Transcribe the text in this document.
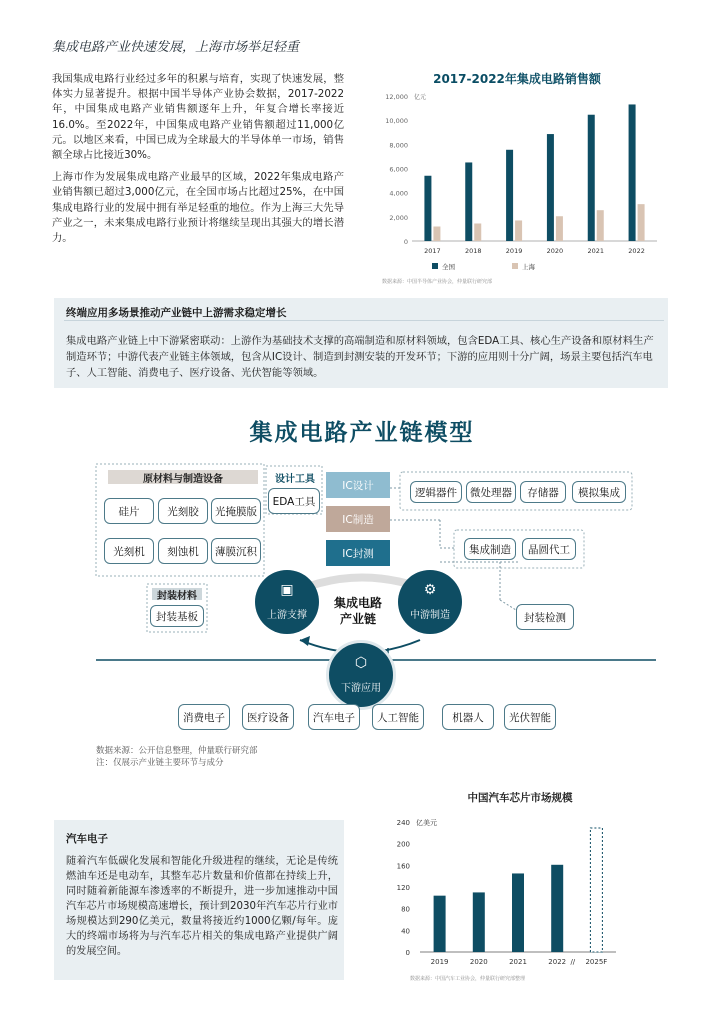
集成电路产业快速发展，上海市场举足轻重

我国集成电路行业经过多年的积累与培育，实现了快速发展，整体实力显著提升。根据中国半导体产业协会数据，2017-2022年，中国集成电路产业销售额逐年上升，年复合增长率接近16.0%。至2022年，中国集成电路产业销售额超过11,000亿元。以地区来看，中国已成为全球最大的半导体单一市场，销售额全球占比接近30%。

上海市作为发展集成电路产业最早的区域，2022年集成电路产业销售额已超过3,000亿元，在全国市场占比超过25%，在中国集成电路行业的发展中拥有举足轻重的地位。作为上海三大先导产业之一，未来集成电路行业预计将继续呈现出其强大的增长潜力。

2017-2022年集成电路销售额
0
2,000
4,000
6,000
8,000
10,000
12,000 亿元
2017	2018	2019	2020	2021	2022
全国	上海
数据来源：中国半导体产业协会，仲量联行研究部
终端应用多场景推动产业链中上游需求稳定增长
集成电路产业链上中下游紧密联动：上游作为基础技术支撑的高端制造和原材料领域，包含EDA工具、核心生产设备和原材料生产制造环节；中游代表产业链主体领域，包含从IC设计、制造到封测安装的开发环节；下游的应用则十分广阔，场景主要包括汽车电子、人工智能、消费电子、医疗设备、光伏智能等领域。
集成电路产业链模型
原材料与制造设备
硅片	光刻胶	光掩膜版
光刻机	刻蚀机	薄膜沉积
设计工具
EDA工具
IC设计
IC制造
IC封测
逻辑器件	微处理器	存储器	模拟集成
集成制造	晶圆代工
封装材料
封装基板	封装检测
▣
上游支撑
⚙
中游制造
集成电路
产业链
⬡
下游应用
消费电子	医疗设备	汽车电子	人工智能	机器人	光伏智能
数据来源：公开信息整理，仲量联行研究部
注：仅展示产业链主要环节与成分
汽车电子
随着汽车低碳化发展和智能化升级进程的继续，无论是传统燃油车还是电动车，其整车芯片数量和价值都在持续上升，同时随着新能源车渗透率的不断提升，进一步加速推动中国汽车芯片市场规模高速增长，预计到2030年汽车芯片行业市场规模达到290亿美元，数量将接近约1000亿颗/每年。庞大的终端市场将为与汽车芯片相关的集成电路产业提供广阔的发展空间。
中国汽车芯片市场规模
0
40
80
120
160
200
240 亿美元
2019	2020	2021	2022	2025F
//
数据来源：中国汽车工业协会，仲量联行研究部整理
